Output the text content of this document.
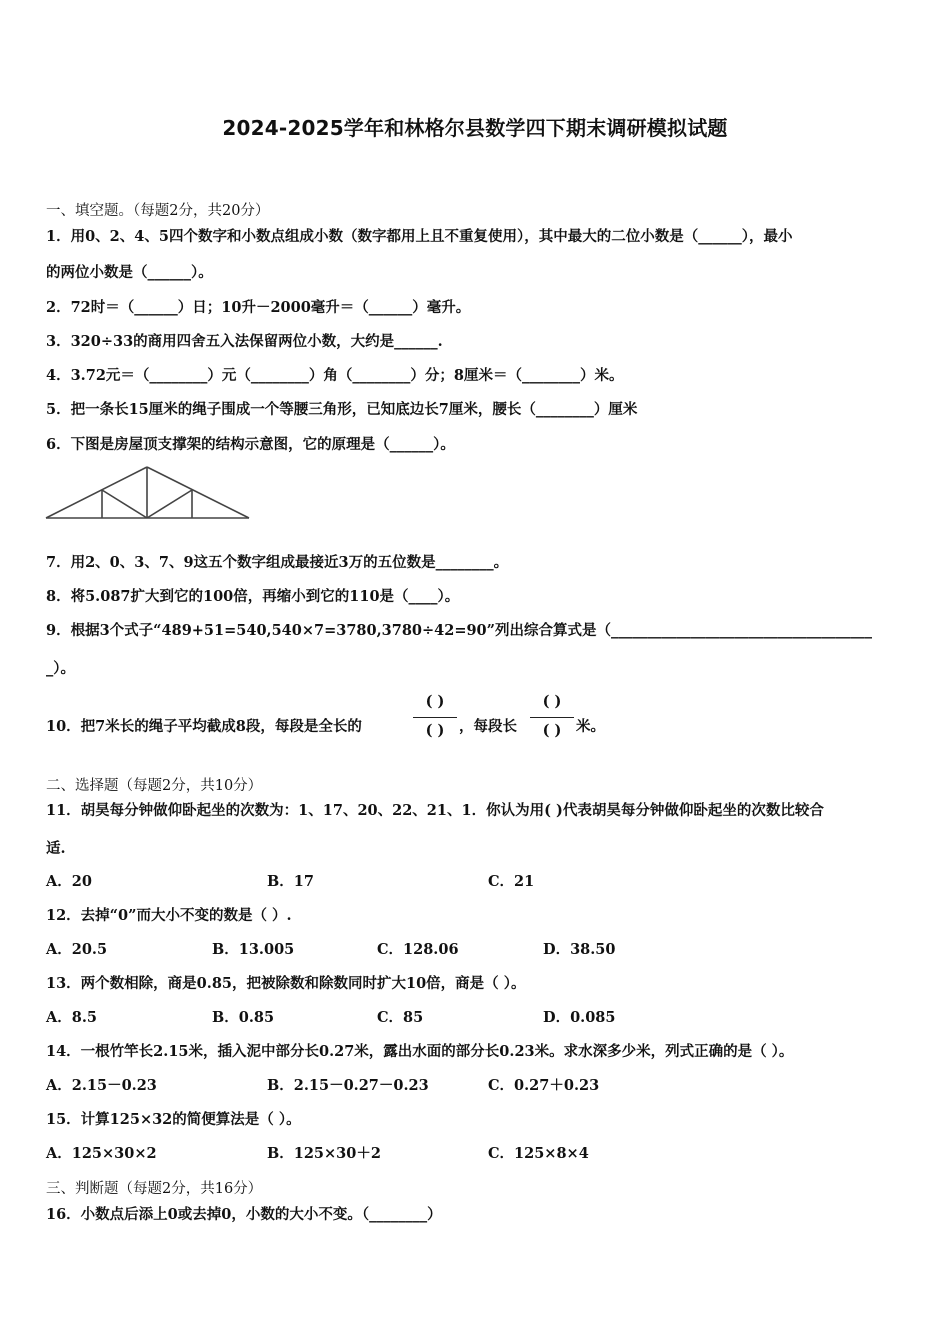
2024-2025学年和林格尔县数学四下期末调研模拟试题
一、填空题。（每题2分，共20分）
1．用0、2、4、5四个数字和小数点组成小数（数字都用上且不重复使用），其中最大的二位小数是（______），最小
的两位小数是（______）。
2．72时＝（______）日；10升－2000毫升＝（______）毫升。
3．320÷33的商用四舍五入法保留两位小数，大约是______.
4．3.72元＝（________）元（________）角（________）分；8厘米＝（________）米。
5．把一条长15厘米的绳子围成一个等腰三角形，已知底边长7厘米，腰长（________）厘米
6．下图是房屋顶支撑架的结构示意图，它的原理是（______）。
7．用2、0、3、7、9这五个数字组成最接近3万的五位数是________。
8．将5.087扩大到它的100倍，再缩小到它的110是（____）。
9．根据3个式子“489+51=540,540×7=3780,3780÷42=90”列出综合算式是（____________________________________
_）。
10．把7米长的绳子平均截成8段，每段是全长的
( )
( )	，每段长
( )
( )	米。
二、选择题（每题2分，共10分）
11．胡昊每分钟做仰卧起坐的次数为：1、17、20、22、21、1．你认为用( )代表胡昊每分钟做仰卧起坐的次数比较合
适.
A．20	B．17	C．21
12．去掉“0”而大小不变的数是（ ）.
A．20.5	B．13.005	C．128.06	D．38.50
13．两个数相除，商是0.85，把被除数和除数同时扩大10倍，商是（ ）。
A．8.5	B．0.85	C．85	D．0.085
14．一根竹竿长2.15米，插入泥中部分长0.27米，露出水面的部分长0.23米。求水深多少米，列式正确的是（ ）。
A．2.15－0.23	B．2.15－0.27－0.23	C．0.27＋0.23
15．计算125×32的简便算法是（ ）。
A．125×30×2	B．125×30＋2	C．125×8×4
三、判断题（每题2分，共16分）
16．小数点后添上0或去掉0，小数的大小不变。（________）
